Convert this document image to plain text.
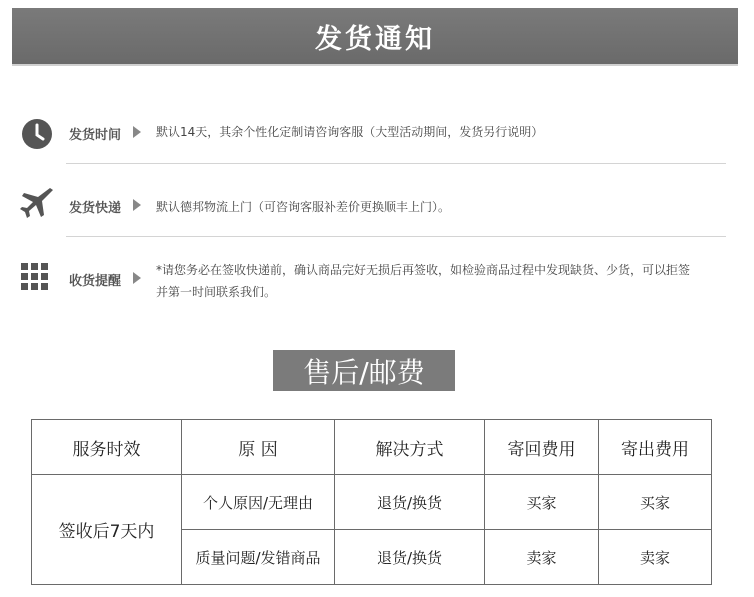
发货通知
发货时间	默认14天，其余个性化定制请咨询客服（大型活动期间，发货另行说明）
发货快递	默认德邦物流上门（可咨询客服补差价更换顺丰上门）。
收货提醒
*请您务必在签收快递前，确认商品完好无损后再签收，如检验商品过程中发现缺货、少货，可以拒签并第一时间联系我们。
售后/邮费
服务时效	原 因	解决方式	寄回费用	寄出费用
签收后7天内	个人原因/无理由	退货/换货	买家	买家
	质量问题/发错商品	退货/换货	卖家	卖家
